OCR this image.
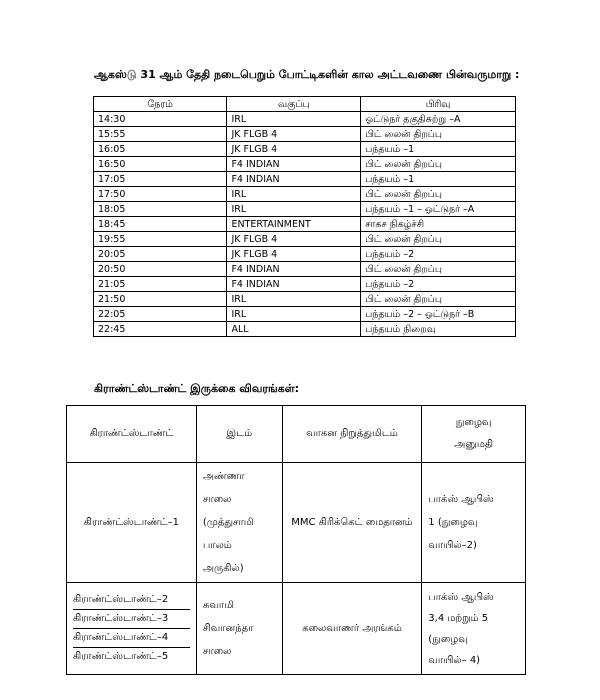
ஆகஸ்டு 31 ஆம் தேதி நடைபெறும் போட்டிகளின் கால அட்டவணை பின்வருமாறு :
நேரம்	வகுப்பு	பிரிவு
14:30	IRL	ஓட்டுநர் தகுதிசுற்று –A
15:55	JK FLGB 4	பிட் லைன் திறப்பு
16:05	JK FLGB 4	பந்தயம் –1
16:50	F4 INDIAN	பிட் லைன் திறப்பு
17:05	F4 INDIAN	பந்தயம் –1
17:50	IRL	பிட் லைன் திறப்பு
18:05	IRL	பந்தயம் –1 – ஓட்டுநர் –A
18:45	ENTERTAINMENT	சாகச நிகழ்ச்சி
19:55	JK FLGB 4	பிட் லைன் திறப்பு
20:05	JK FLGB 4	பந்தயம் –2
20:50	F4 INDIAN	பிட் லைன் திறப்பு
21:05	F4 INDIAN	பந்தயம் –2
21:50	IRL	பிட் லைன் திறப்பு
22:05	IRL	பந்தயம் –2 – ஓட்டுநர் –B
22:45	ALL	பந்தயம் நிறைவு
கிராண்ட்ஸ்டாண்ட் இருக்கை விவரங்கள்:
கிராண்ட்ஸ்டாண்ட்	இடம்	வாகன நிறுத்துமிடம்	நுழைவு
அனுமதி

கிராண்ட்ஸ்டாண்ட்–1	அண்ணா சாலை
(முத்துசாமி பாலம்
அருகில்)	MMC கிரிக்கெட் மைதானம்	பாக்ஸ் ஆபிஸ்
1 (நுழைவு
வாயில்–2)

கிராண்ட்ஸ்டாண்ட்–2
கிராண்ட்ஸ்டாண்ட்–3
கிராண்ட்ஸ்டாண்ட்–4
கிராண்ட்ஸ்டாண்ட்–5	சுவாமி
சிவானந்தா
சாலை	கலைவாணர் அரங்கம்	பாக்ஸ் ஆபிஸ்
3,4 மற்றும் 5
(நுழைவு
வாயில்– 4)
